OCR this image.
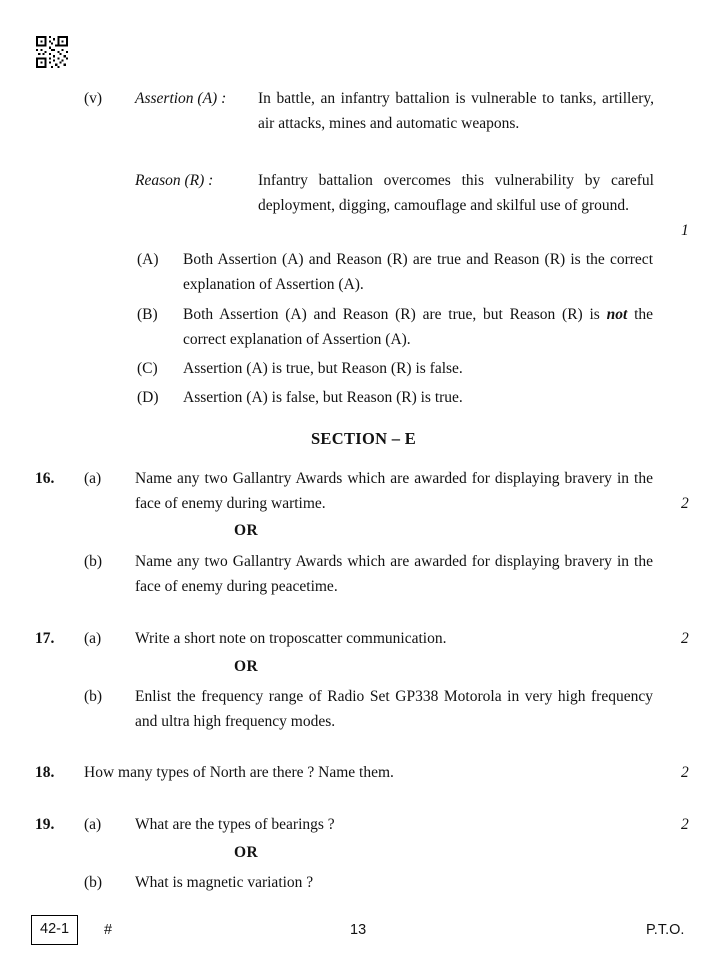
(v) Assertion (A) : In battle, an infantry battalion is vulnerable to tanks, artillery, air attacks, mines and automatic weapons.
Reason (R) :	Infantry battalion overcomes this vulnerability by careful deployment, digging, camouflage and skilful use of ground.
1
(A) Both Assertion (A) and Reason (R) are true and Reason (R) is the correct explanation of Assertion (A).
(B) Both Assertion (A) and Reason (R) are true, but Reason (R) is not the correct explanation of Assertion (A).
(C) Assertion (A) is true, but Reason (R) is false.
(D) Assertion (A) is false, but Reason (R) is true.
SECTION – E
16. (a) Name any two Gallantry Awards which are awarded for displaying bravery in the face of enemy during wartime.	2
OR
(b) Name any two Gallantry Awards which are awarded for displaying bravery in the face of enemy during peacetime.
17. (a) Write a short note on troposcatter communication.	2
OR
(b) Enlist the frequency range of Radio Set GP338 Motorola in very high frequency and ultra high frequency modes.
18. How many types of North are there ? Name them.	2
19. (a) What are the types of bearings ?	2
OR
(b) What is magnetic variation ?
42-1	#	13	P.T.O.
